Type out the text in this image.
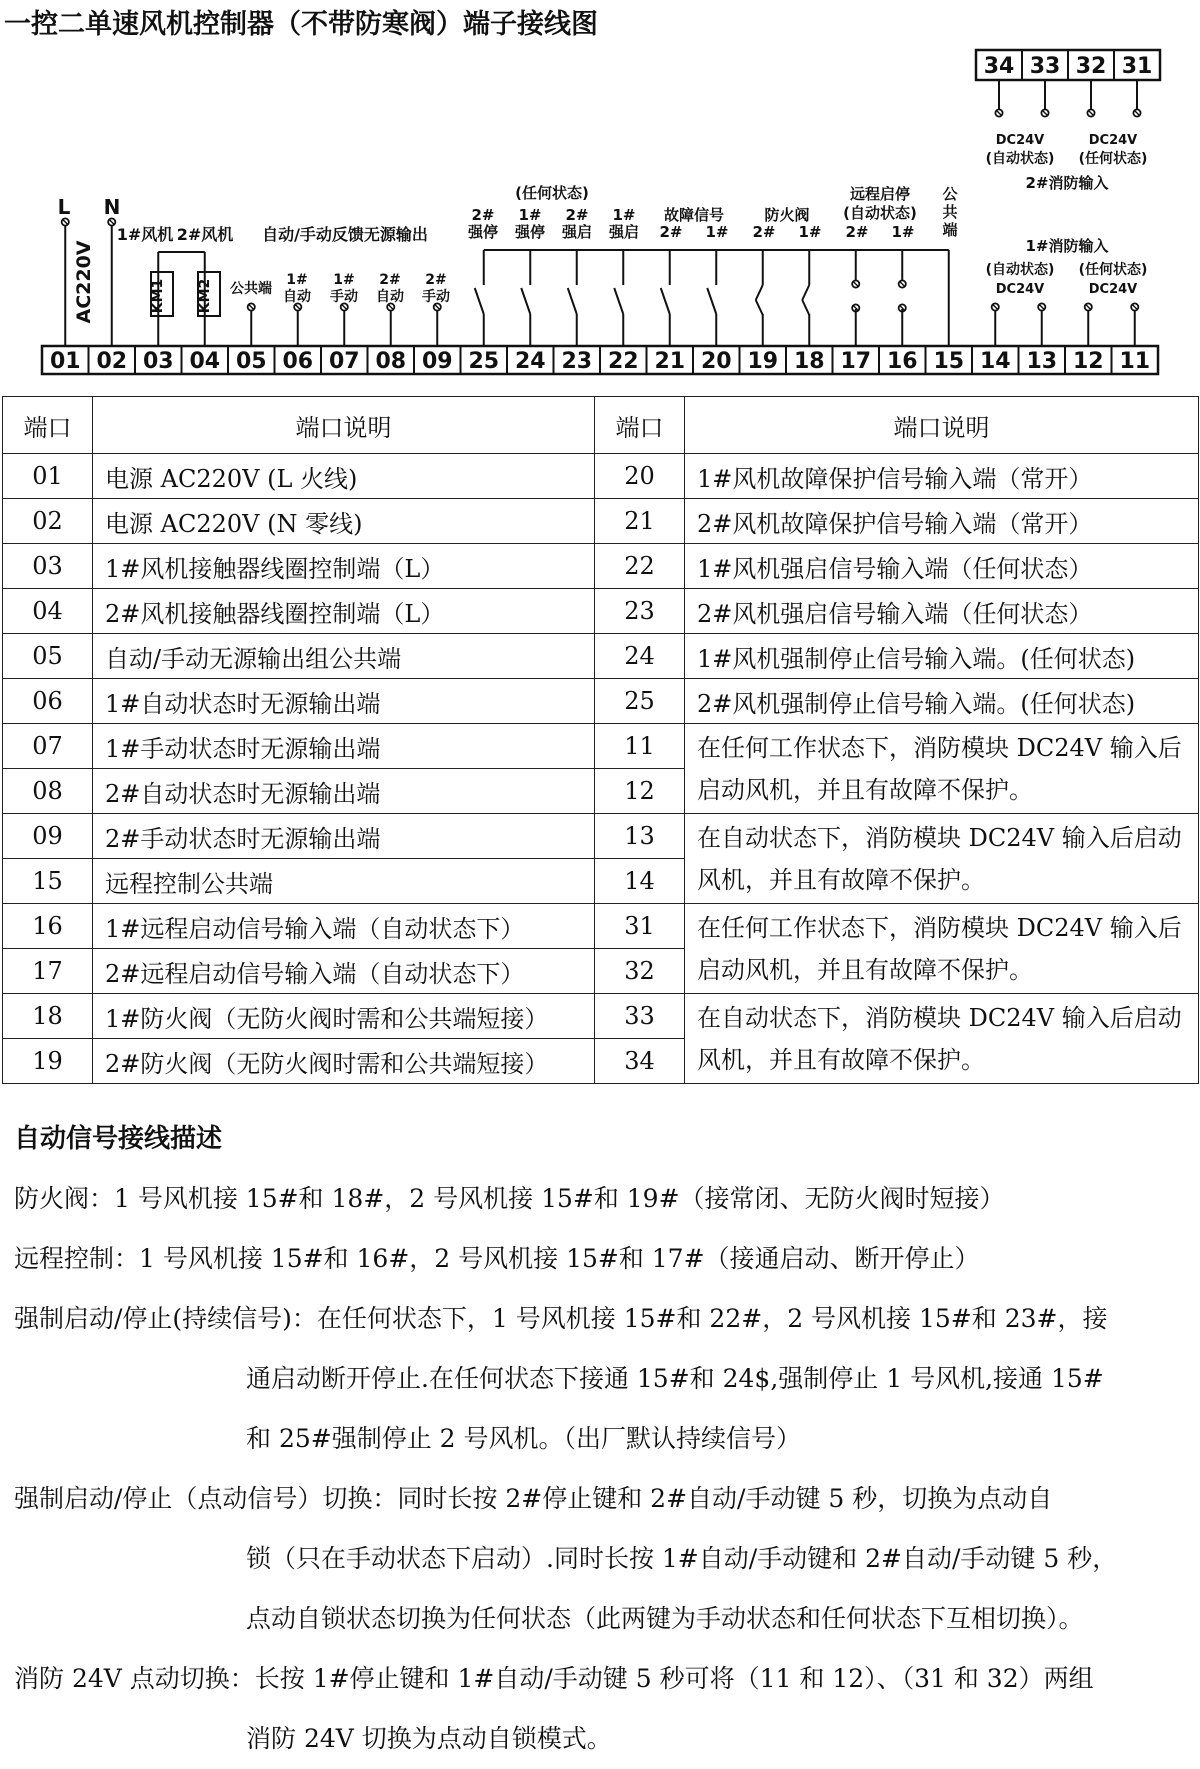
一控二单速风机控制器（不带防寒阀）端子接线图
01 02 03 04 05 06 07 08 09 25 24 23 22 21 20 19 18 17 16 15 14 13 12 11
34 33 32 31
L N
AC220V
1#风机 2#风机
KM1 KM2
自动/手动反馈无源输出
公共端
1#
自动
1#
手动
2#
自动
2#
手动
(任何状态)
2#
强停
1#
强停
2#
强启
1#
强启
故障信号
2# 1#
防火阀
2# 1#
远程启停
(自动状态)
2# 1#
公
共
端
1#消防输入
(自动状态) (任何状态)
DC24V	DC24V
DC24V	DC24V
(自动状态) (任何状态)
2#消防输入
端口	端口说明	端口	端口说明
01	电源 AC220V (L 火线)	20	1#风机故障保护信号输入端（常开）
02	电源 AC220V (N 零线)	21	2#风机故障保护信号输入端（常开）
03	1#风机接触器线圈控制端（L）	22	1#风机强启信号输入端（任何状态）
04	2#风机接触器线圈控制端（L）	23	2#风机强启信号输入端（任何状态）
05	自动/手动无源输出组公共端	24	1#风机强制停止信号输入端。(任何状态)
06	1#自动状态时无源输出端	25	2#风机强制停止信号输入端。(任何状态)
07	1#手动状态时无源输出端	11	在任何工作状态下，消防模块 DC24V 输入后启动风机，并且有故障不保护。
08	2#自动状态时无源输出端	12	
09	2#手动状态时无源输出端	13	在自动状态下，消防模块 DC24V 输入后启动风机，并且有故障不保护。
15	远程控制公共端	14	
16	1#远程启动信号输入端（自动状态下）	31	在任何工作状态下，消防模块 DC24V 输入后启动风机，并且有故障不保护。
17	2#远程启动信号输入端（自动状态下）	32	
18	1#防火阀（无防火阀时需和公共端短接）	33	在自动状态下，消防模块 DC24V 输入后启动风机，并且有故障不保护。
19	2#防火阀（无防火阀时需和公共端短接）	34	
自动信号接线描述
防火阀：1 号风机接 15#和 18#，2 号风机接 15#和 19#（接常闭、无防火阀时短接）
远程控制：1 号风机接 15#和 16#，2 号风机接 15#和 17#（接通启动、断开停止）
强制启动/停止(持续信号)：在任何状态下，1 号风机接 15#和 22#，2 号风机接 15#和 23#，接
通启动断开停止.在任何状态下接通 15#和 24$,强制停止 1 号风机,接通 15#
和 25#强制停止 2 号风机。（出厂默认持续信号）
强制启动/停止（点动信号）切换：同时长按 2#停止键和 2#自动/手动键 5 秒，切换为点动自
锁（只在手动状态下启动）.同时长按 1#自动/手动键和 2#自动/手动键 5 秒，
点动自锁状态切换为任何状态（此两键为手动状态和任何状态下互相切换）。
消防 24V 点动切换：长按 1#停止键和 1#自动/手动键 5 秒可将（11 和 12）、（31 和 32）两组
消防 24V 切换为点动自锁模式。
